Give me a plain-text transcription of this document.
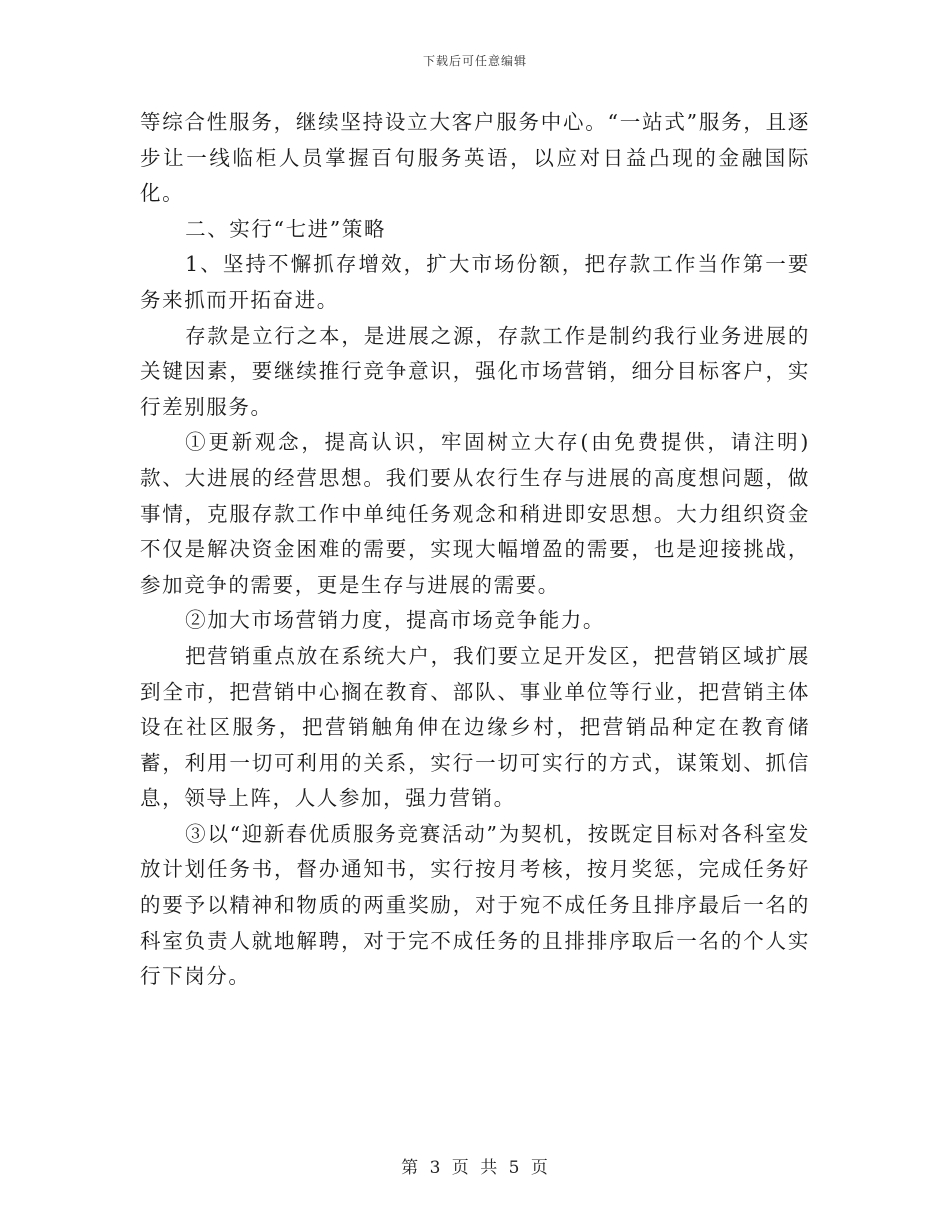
下载后可任意编辑

等综合性服务，继续坚持设立大客户服务中心。“一站式”服务，且逐步让一线临柜人员掌握百句服务英语，以应对日益凸现的金融国际化。

二、实行“七进”策略

1、坚持不懈抓存增效，扩大市场份额，把存款工作当作第一要务来抓而开拓奋进。

存款是立行之本，是进展之源，存款工作是制约我行业务进展的关键因素，要继续推行竞争意识，强化市场营销，细分目标客户，实行差别服务。

①更新观念，提高认识，牢固树立大存(由免费提供，请注明)款、大进展的经营思想。我们要从农行生存与进展的高度想问题，做事情，克服存款工作中单纯任务观念和稍进即安思想。大力组织资金不仅是解决资金困难的需要，实现大幅增盈的需要，也是迎接挑战，参加竞争的需要，更是生存与进展的需要。

②加大市场营销力度，提高市场竞争能力。

把营销重点放在系统大户，我们要立足开发区，把营销区域扩展到全市，把营销中心搁在教育、部队、事业单位等行业，把营销主体设在社区服务，把营销触角伸在边缘乡村，把营销品种定在教育储蓄，利用一切可利用的关系，实行一切可实行的方式，谋策划、抓信息，领导上阵，人人参加，强力营销。

③以“迎新春优质服务竞赛活动”为契机，按既定目标对各科室发放计划任务书，督办通知书，实行按月考核，按月奖惩，完成任务好的要予以精神和物质的两重奖励，对于宛不成任务且排序最后一名的科室负责人就地解聘，对于完不成任务的且排排序取后一名的个人实行下岗分。

第 3 页 共 5 页
